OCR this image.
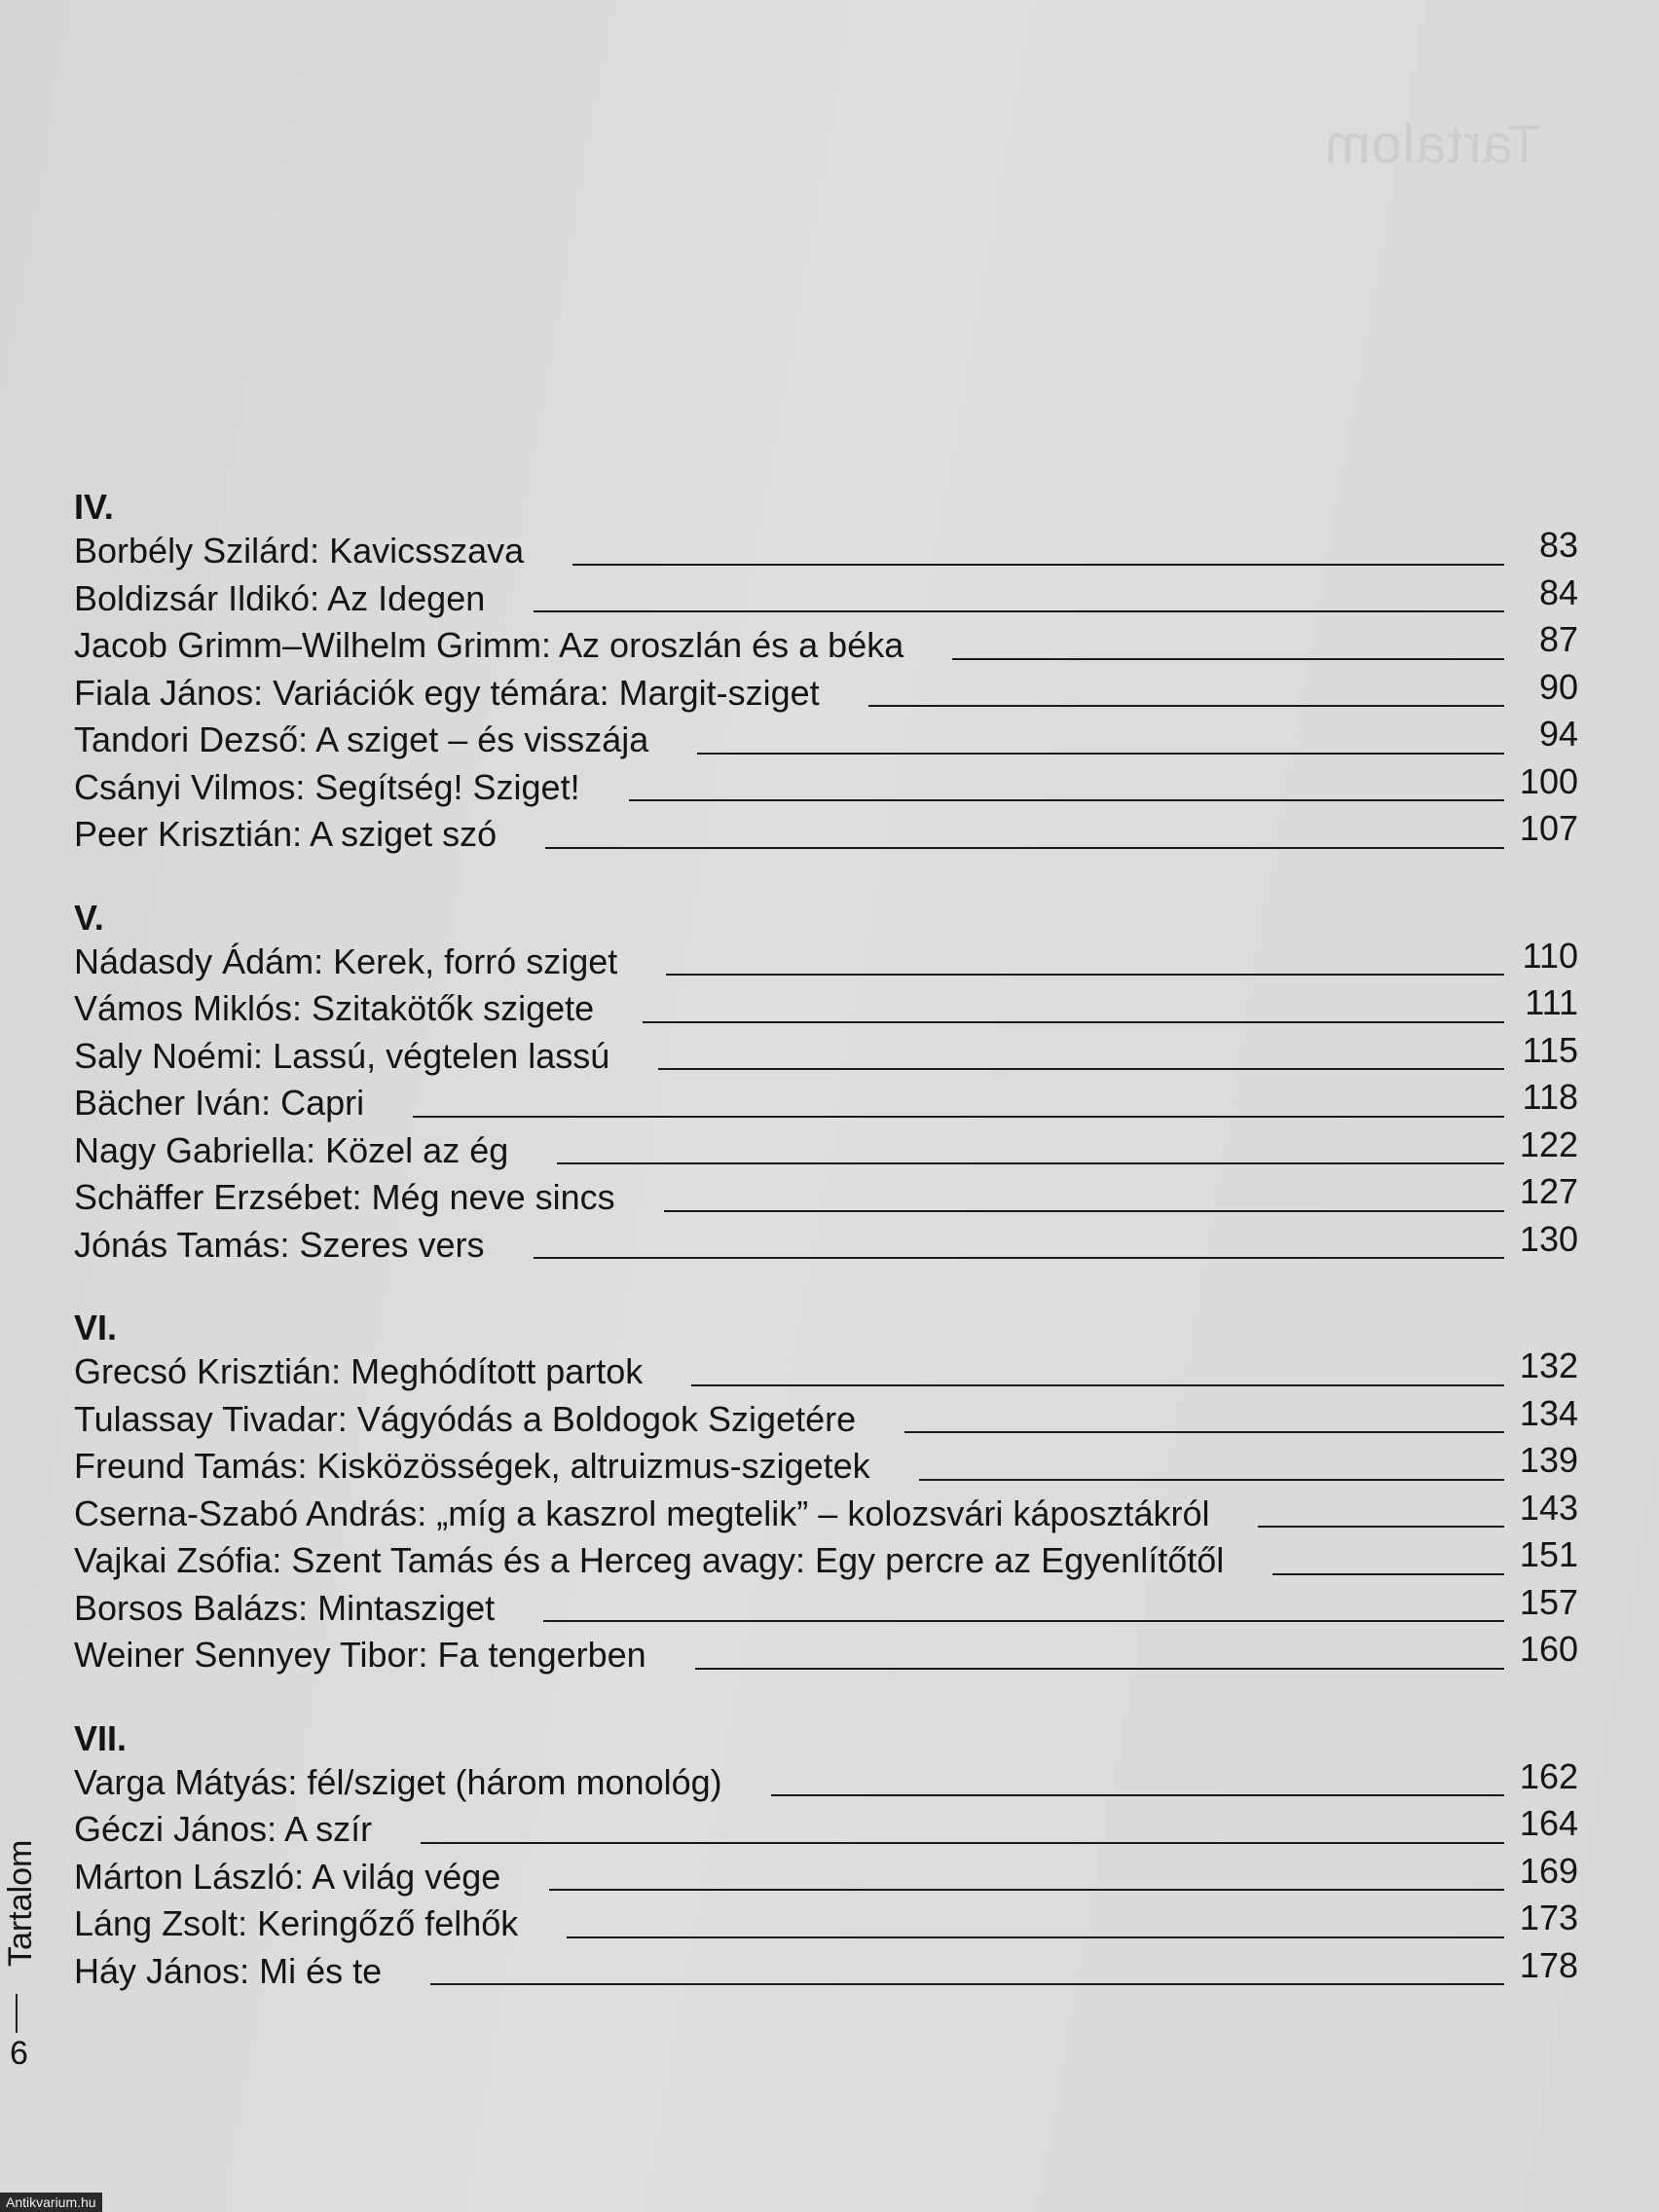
Tartalom
IV.
Borbély Szilárd: Kavicsszava	83
Boldizsár Ildikó: Az Idegen	84
Jacob Grimm–Wilhelm Grimm: Az oroszlán és a béka	87
Fiala János: Variációk egy témára: Margit-sziget	90
Tandori Dezső: A sziget – és visszája	94
Csányi Vilmos: Segítség! Sziget!	100
Peer Krisztián: A sziget szó	107
V.
Nádasdy Ádám: Kerek, forró sziget	110
Vámos Miklós: Szitakötők szigete	111
Saly Noémi: Lassú, végtelen lassú	115
Bächer Iván: Capri	118
Nagy Gabriella: Közel az ég	122
Schäffer Erzsébet: Még neve sincs	127
Jónás Tamás: Szeres vers	130
VI.
Grecsó Krisztián: Meghódított partok	132
Tulassay Tivadar: Vágyódás a Boldogok Szigetére	134
Freund Tamás: Kisközösségek, altruizmus-szigetek	139
Cserna-Szabó András: „míg a kaszrol megtelik” – kolozsvári káposztákról	143
Vajkai Zsófia: Szent Tamás és a Herceg avagy: Egy percre az Egyenlítőtől	151
Borsos Balázs: Mintasziget	157
Weiner Sennyey Tibor: Fa tengerben	160
VII.
Varga Mátyás: fél/sziget (három monológ)	162
Géczi János: A szír	164
Márton László: A világ vége	169
Láng Zsolt: Keringőző felhők	173
Háy János: Mi és te	178
Tartalom
6
Antikvarium.hu
